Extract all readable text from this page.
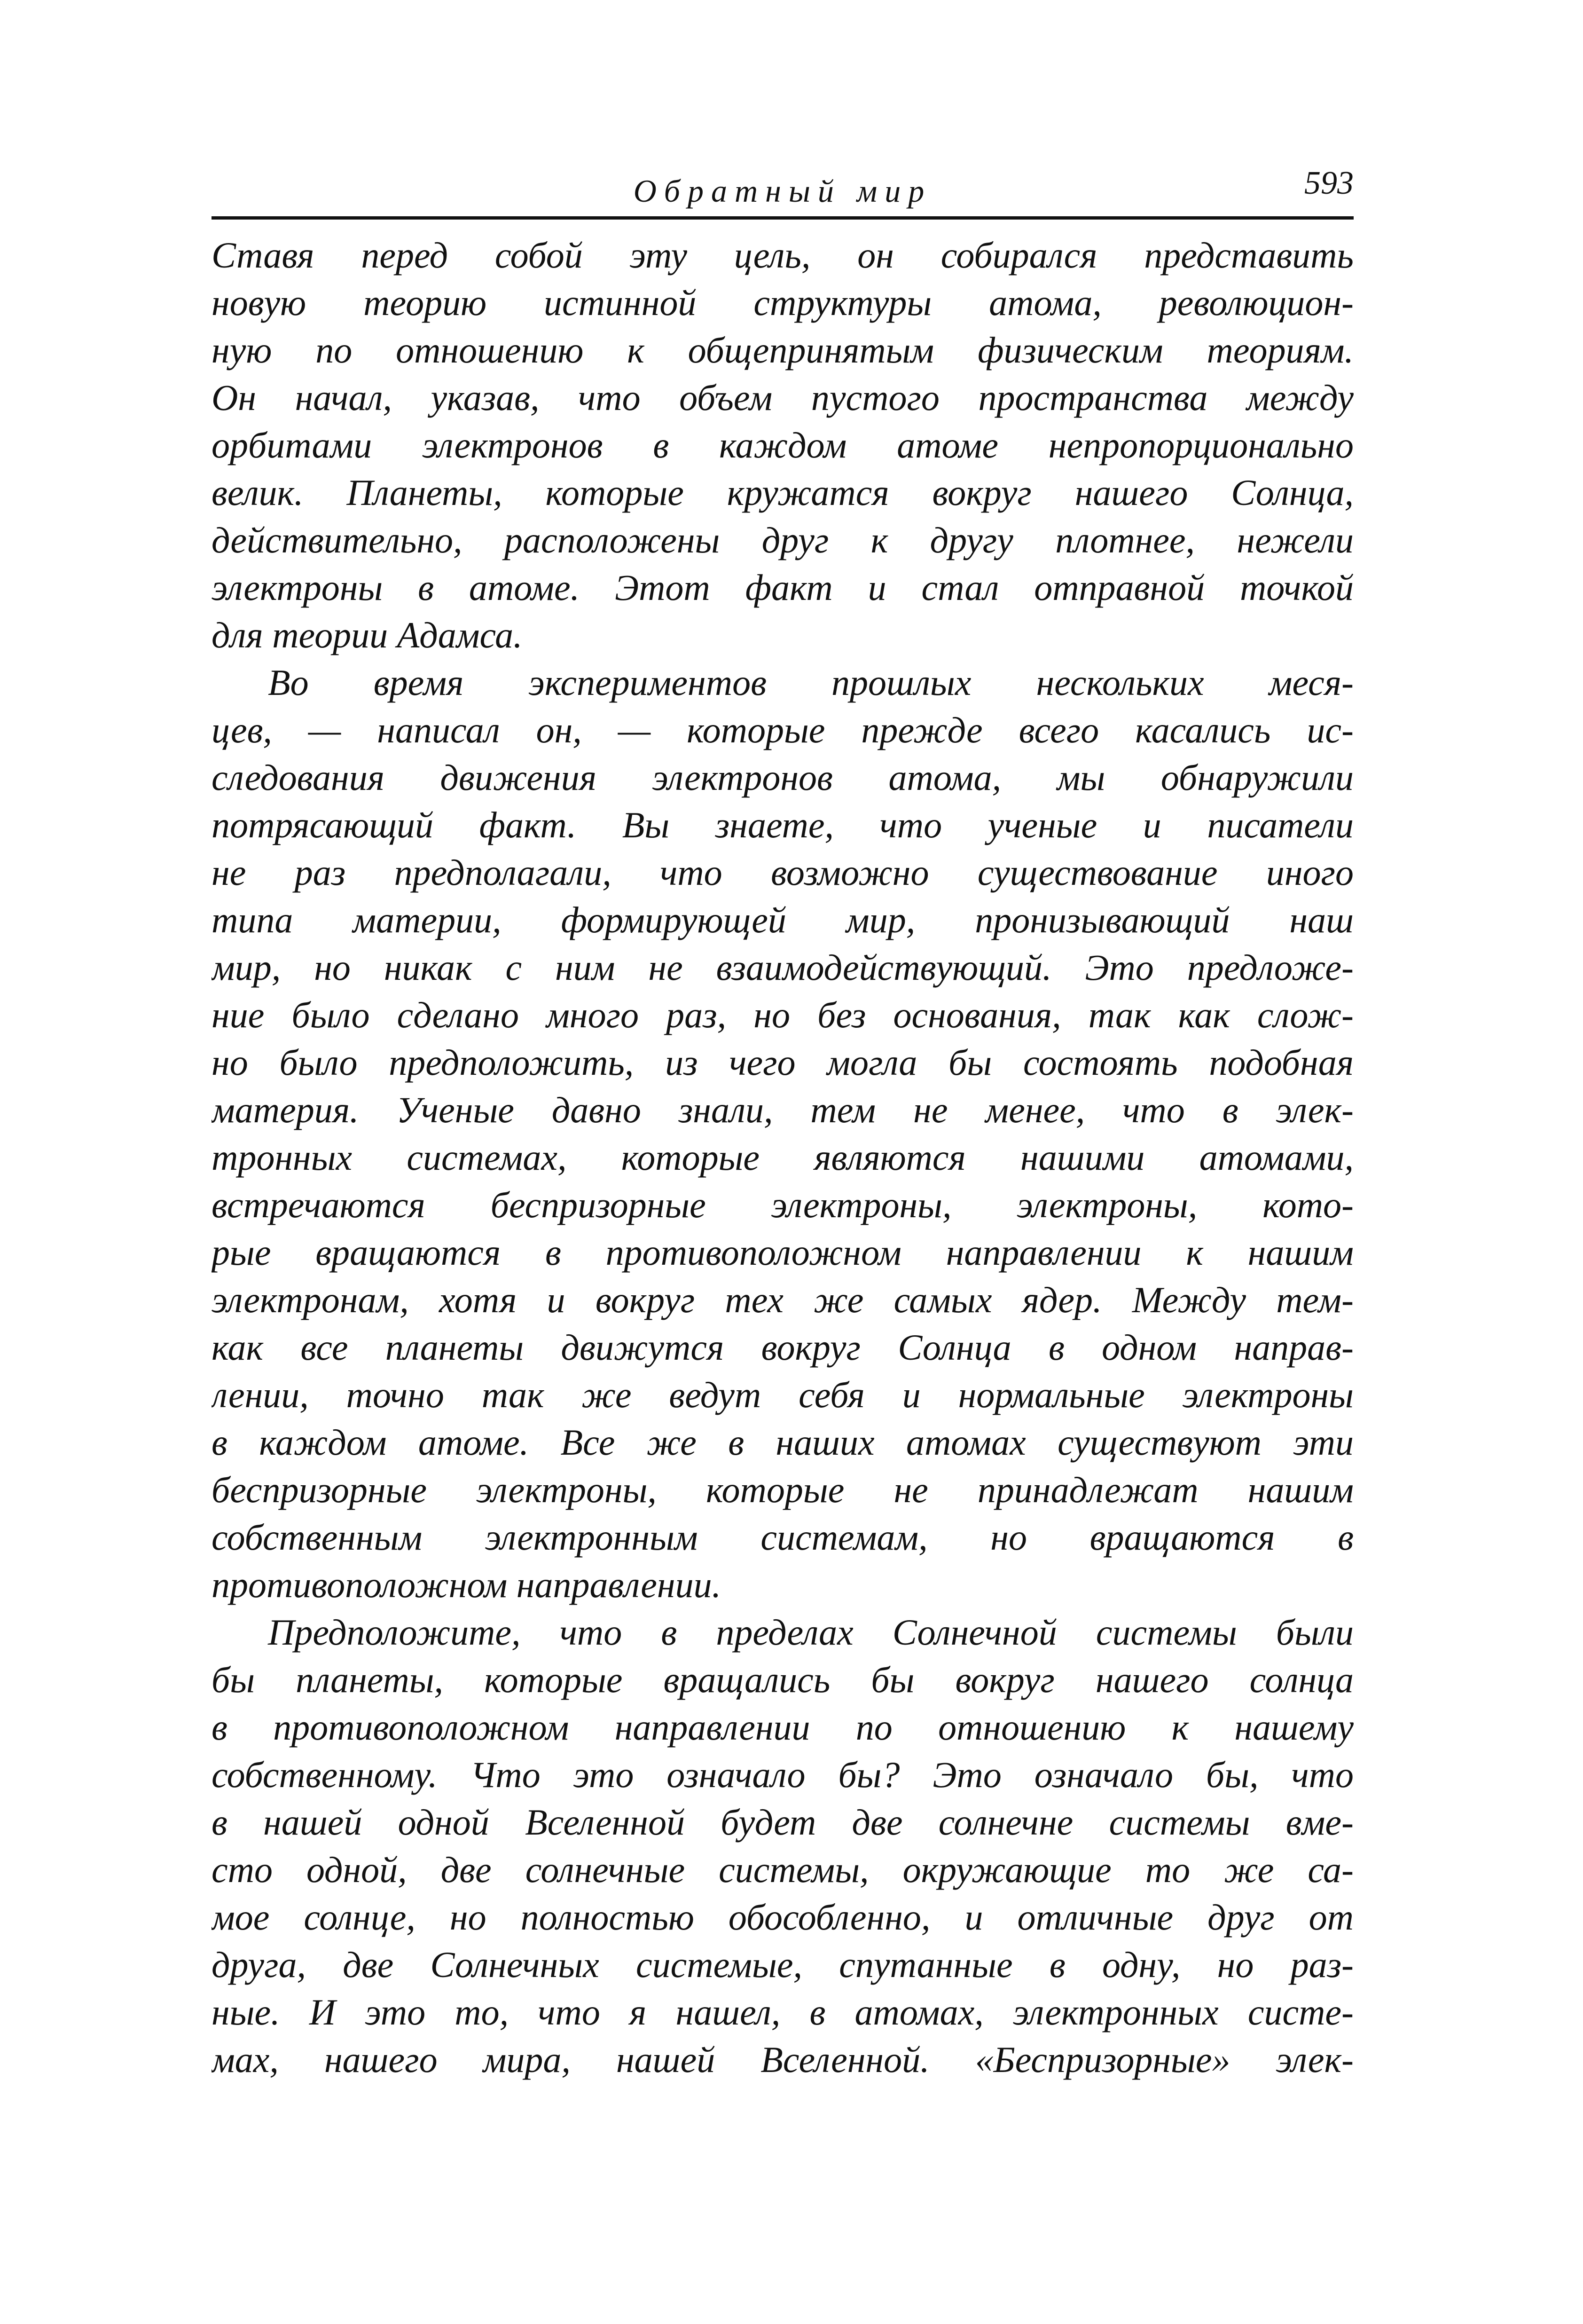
Обратный мир	593
Ставя перед собой эту цель, он собирался представить
новую теорию истинной структуры атома, революцион-
ную по отношению к общепринятым физическим теориям.
Он начал, указав, что объем пустого пространства между
орбитами электронов в каждом атоме непропорционально
велик. Планеты, которые кружатся вокруг нашего Солнца,
действительно, расположены друг к другу плотнее, нежели
электроны в атоме. Этот факт и стал отправной точкой
для теории Адамса.
Во время экспериментов прошлых нескольких меся-
цев, — написал он, — которые прежде всего касались ис-
следования движения электронов атома, мы обнаружили
потрясающий факт. Вы знаете, что ученые и писатели
не раз предполагали, что возможно существование иного
типа материи, формирующей мир, пронизывающий наш
мир, но никак с ним не взаимодействующий. Это предложе-
ние было сделано много раз, но без основания, так как слож-
но было предположить, из чего могла бы состоять подобная
материя. Ученые давно знали, тем не менее, что в элек-
тронных системах, которые являются нашими атомами,
встречаются беспризорные электроны, электроны, кото-
рые вращаются в противоположном направлении к нашим
электронам, хотя и вокруг тех же самых ядер. Между тем-
как все планеты движутся вокруг Солнца в одном направ-
лении, точно так же ведут себя и нормальные электроны
в каждом атоме. Все же в наших атомах существуют эти
беспризорные электроны, которые не принадлежат нашим
собственным электронным системам, но вращаются в
противоположном направлении.
Предположите, что в пределах Солнечной системы были
бы планеты, которые вращались бы вокруг нашего солнца
в противоположном направлении по отношению к нашему
собственному. Что это означало бы? Это означало бы, что
в нашей одной Вселенной будет две солнечне системы вме-
сто одной, две солнечные системы, окружающие то же са-
мое солнце, но полностью обособленно, и отличные друг от
друга, две Солнечных системые, спутанные в одну, но раз-
ные. И это то, что я нашел, в атомах, электронных систе-
мах, нашего мира, нашей Вселенной. «Беспризорные» элек-
